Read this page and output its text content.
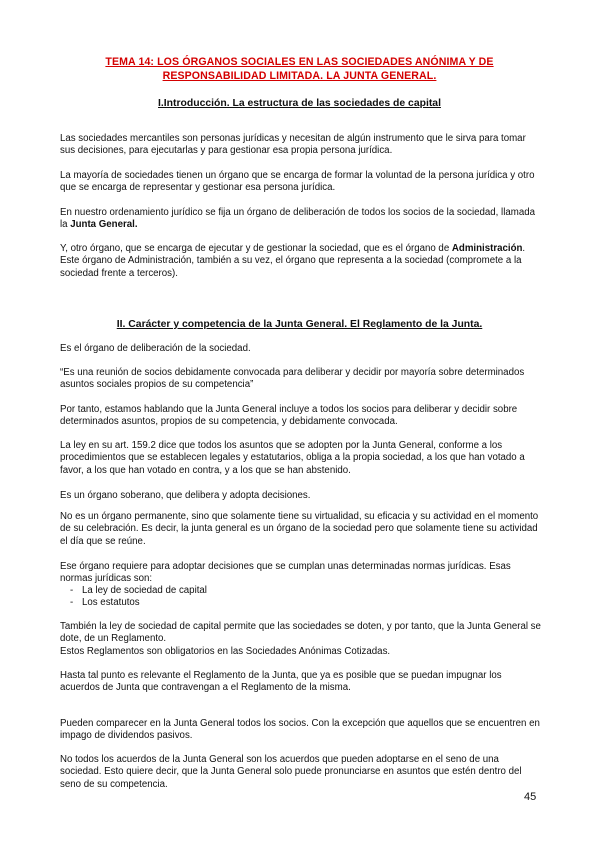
TEMA 14: LOS ÓRGANOS SOCIALES EN LAS SOCIEDADES ANÓNIMA Y DE
RESPONSABILIDAD LIMITADA. LA JUNTA GENERAL.
I.Introducción. La estructura de las sociedades de capital

Las sociedades mercantiles son personas jurídicas y necesitan de algún instrumento que le sirva para tomar sus decisiones, para ejecutarlas y para gestionar esa propia persona jurídica.

La mayoría de sociedades tienen un órgano que se encarga de formar la voluntad de la persona jurídica y otro que se encarga de representar y gestionar esa persona jurídica.

En nuestro ordenamiento jurídico se fija un órgano de deliberación de todos los socios de la sociedad, llamada la Junta General.

Y, otro órgano, que se encarga de ejecutar y de gestionar la sociedad, que es el órgano de Administración. Este órgano de Administración, también a su vez, el órgano que representa a la sociedad (compromete a la sociedad frente a terceros).

II. Carácter y competencia de la Junta General. El Reglamento de la Junta.

Es el órgano de deliberación de la sociedad.

“Es una reunión de socios debidamente convocada para deliberar y decidir por mayoría sobre determinados asuntos sociales propios de su competencia”

Por tanto, estamos hablando que la Junta General incluye a todos los socios para deliberar y decidir sobre determinados asuntos, propios de su competencia, y debidamente convocada.

La ley en su art. 159.2 dice que todos los asuntos que se adopten por la Junta General, conforme a los procedimientos que se establecen legales y estatutarios, obliga a la propia sociedad, a los que han votado a favor, a los que han votado en contra, y a los que se han abstenido.

Es un órgano soberano, que delibera y adopta decisiones.

No es un órgano permanente, sino que solamente tiene su virtualidad, su eficacia y su actividad en el momento de su celebración. Es decir, la junta general es un órgano de la sociedad pero que solamente tiene su actividad el día que se reúne.

Ese órgano requiere para adoptar decisiones que se cumplan unas determinadas normas jurídicas. Esas normas jurídicas son:

- La ley de sociedad de capital
- Los estatutos

También la ley de sociedad de capital permite que las sociedades se doten, y por tanto, que la Junta General se dote, de un Reglamento.
Estos Reglamentos son obligatorios en las Sociedades Anónimas Cotizadas.

Hasta tal punto es relevante el Reglamento de la Junta, que ya es posible que se puedan impugnar los acuerdos de Junta que contravengan a el Reglamento de la misma.

Pueden comparecer en la Junta General todos los socios. Con la excepción que aquellos que se encuentren en impago de dividendos pasivos.

No todos los acuerdos de la Junta General son los acuerdos que pueden adoptarse en el seno de una sociedad. Esto quiere decir, que la Junta General solo puede pronunciarse en asuntos que estén dentro del seno de su competencia.

45
